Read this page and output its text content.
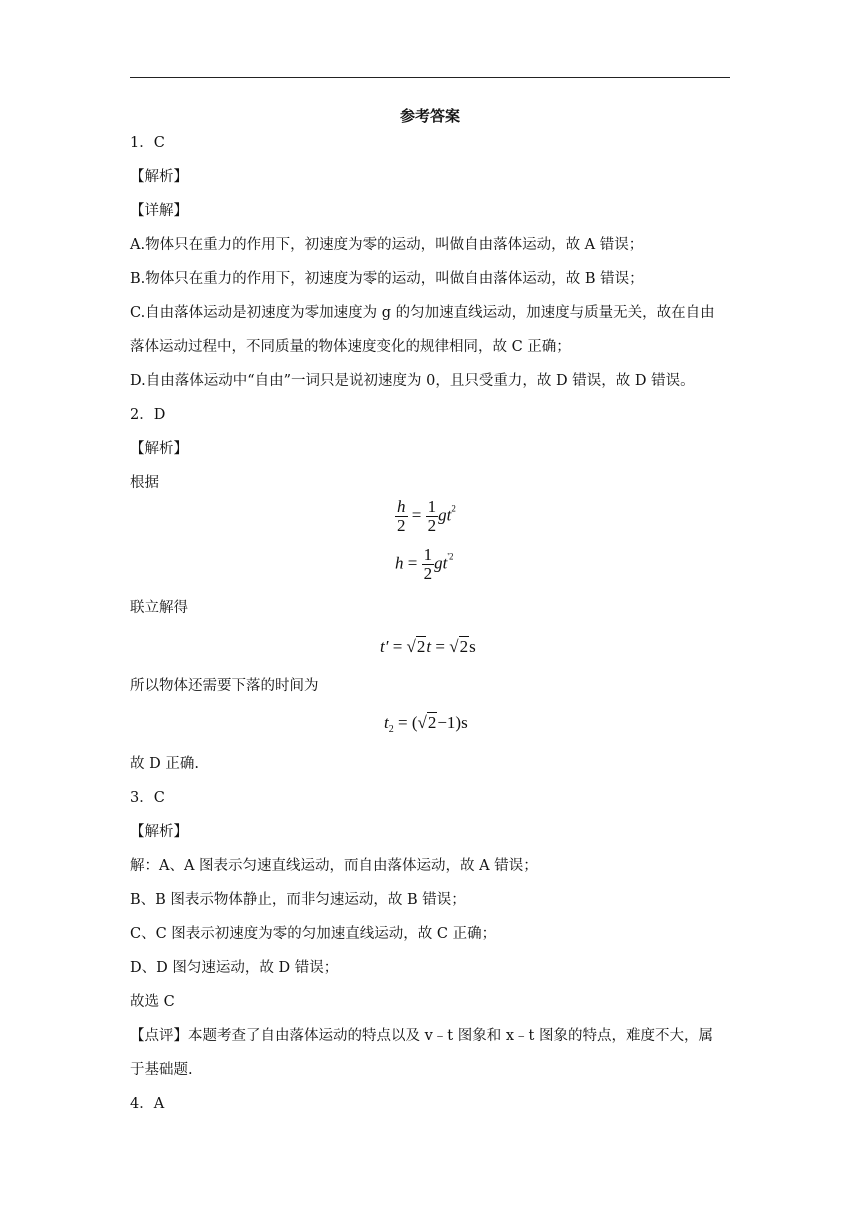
参考答案
1．C
【解析】
【详解】
A.物体只在重力的作用下，初速度为零的运动，叫做自由落体运动，故 A 错误；
B.物体只在重力的作用下，初速度为零的运动，叫做自由落体运动，故 B 错误；
C.自由落体运动是初速度为零加速度为 g 的匀加速直线运动，加速度与质量无关，故在自由
落体运动过程中，不同质量的物体速度变化的规律相同，故 C 正确；
D.自由落体运动中“自由”一词只是说初速度为 0，且只受重力，故 D 错误，故 D 错误。
2．D
【解析】
根据
$\frac{h}{2} = \frac{1}{2} gt^2$
$h = \frac{1}{2} gt^{'2}$
联立解得
t′ = √2t = √2s
所以物体还需要下落的时间为
$t_2 = (√2-1)s$
故 D 正确.
3．C
【解析】
解：A、A 图表示匀速直线运动，而自由落体运动，故 A 错误；
B、B 图表示物体静止，而非匀速运动，故 B 错误；
C、C 图表示初速度为零的匀加速直线运动，故 C 正确；
D、D 图匀速运动，故 D 错误；
故选 C
【点评】本题考查了自由落体运动的特点以及 v﹣t 图象和 x﹣t 图象的特点，难度不大，属
于基础题.
4．A
